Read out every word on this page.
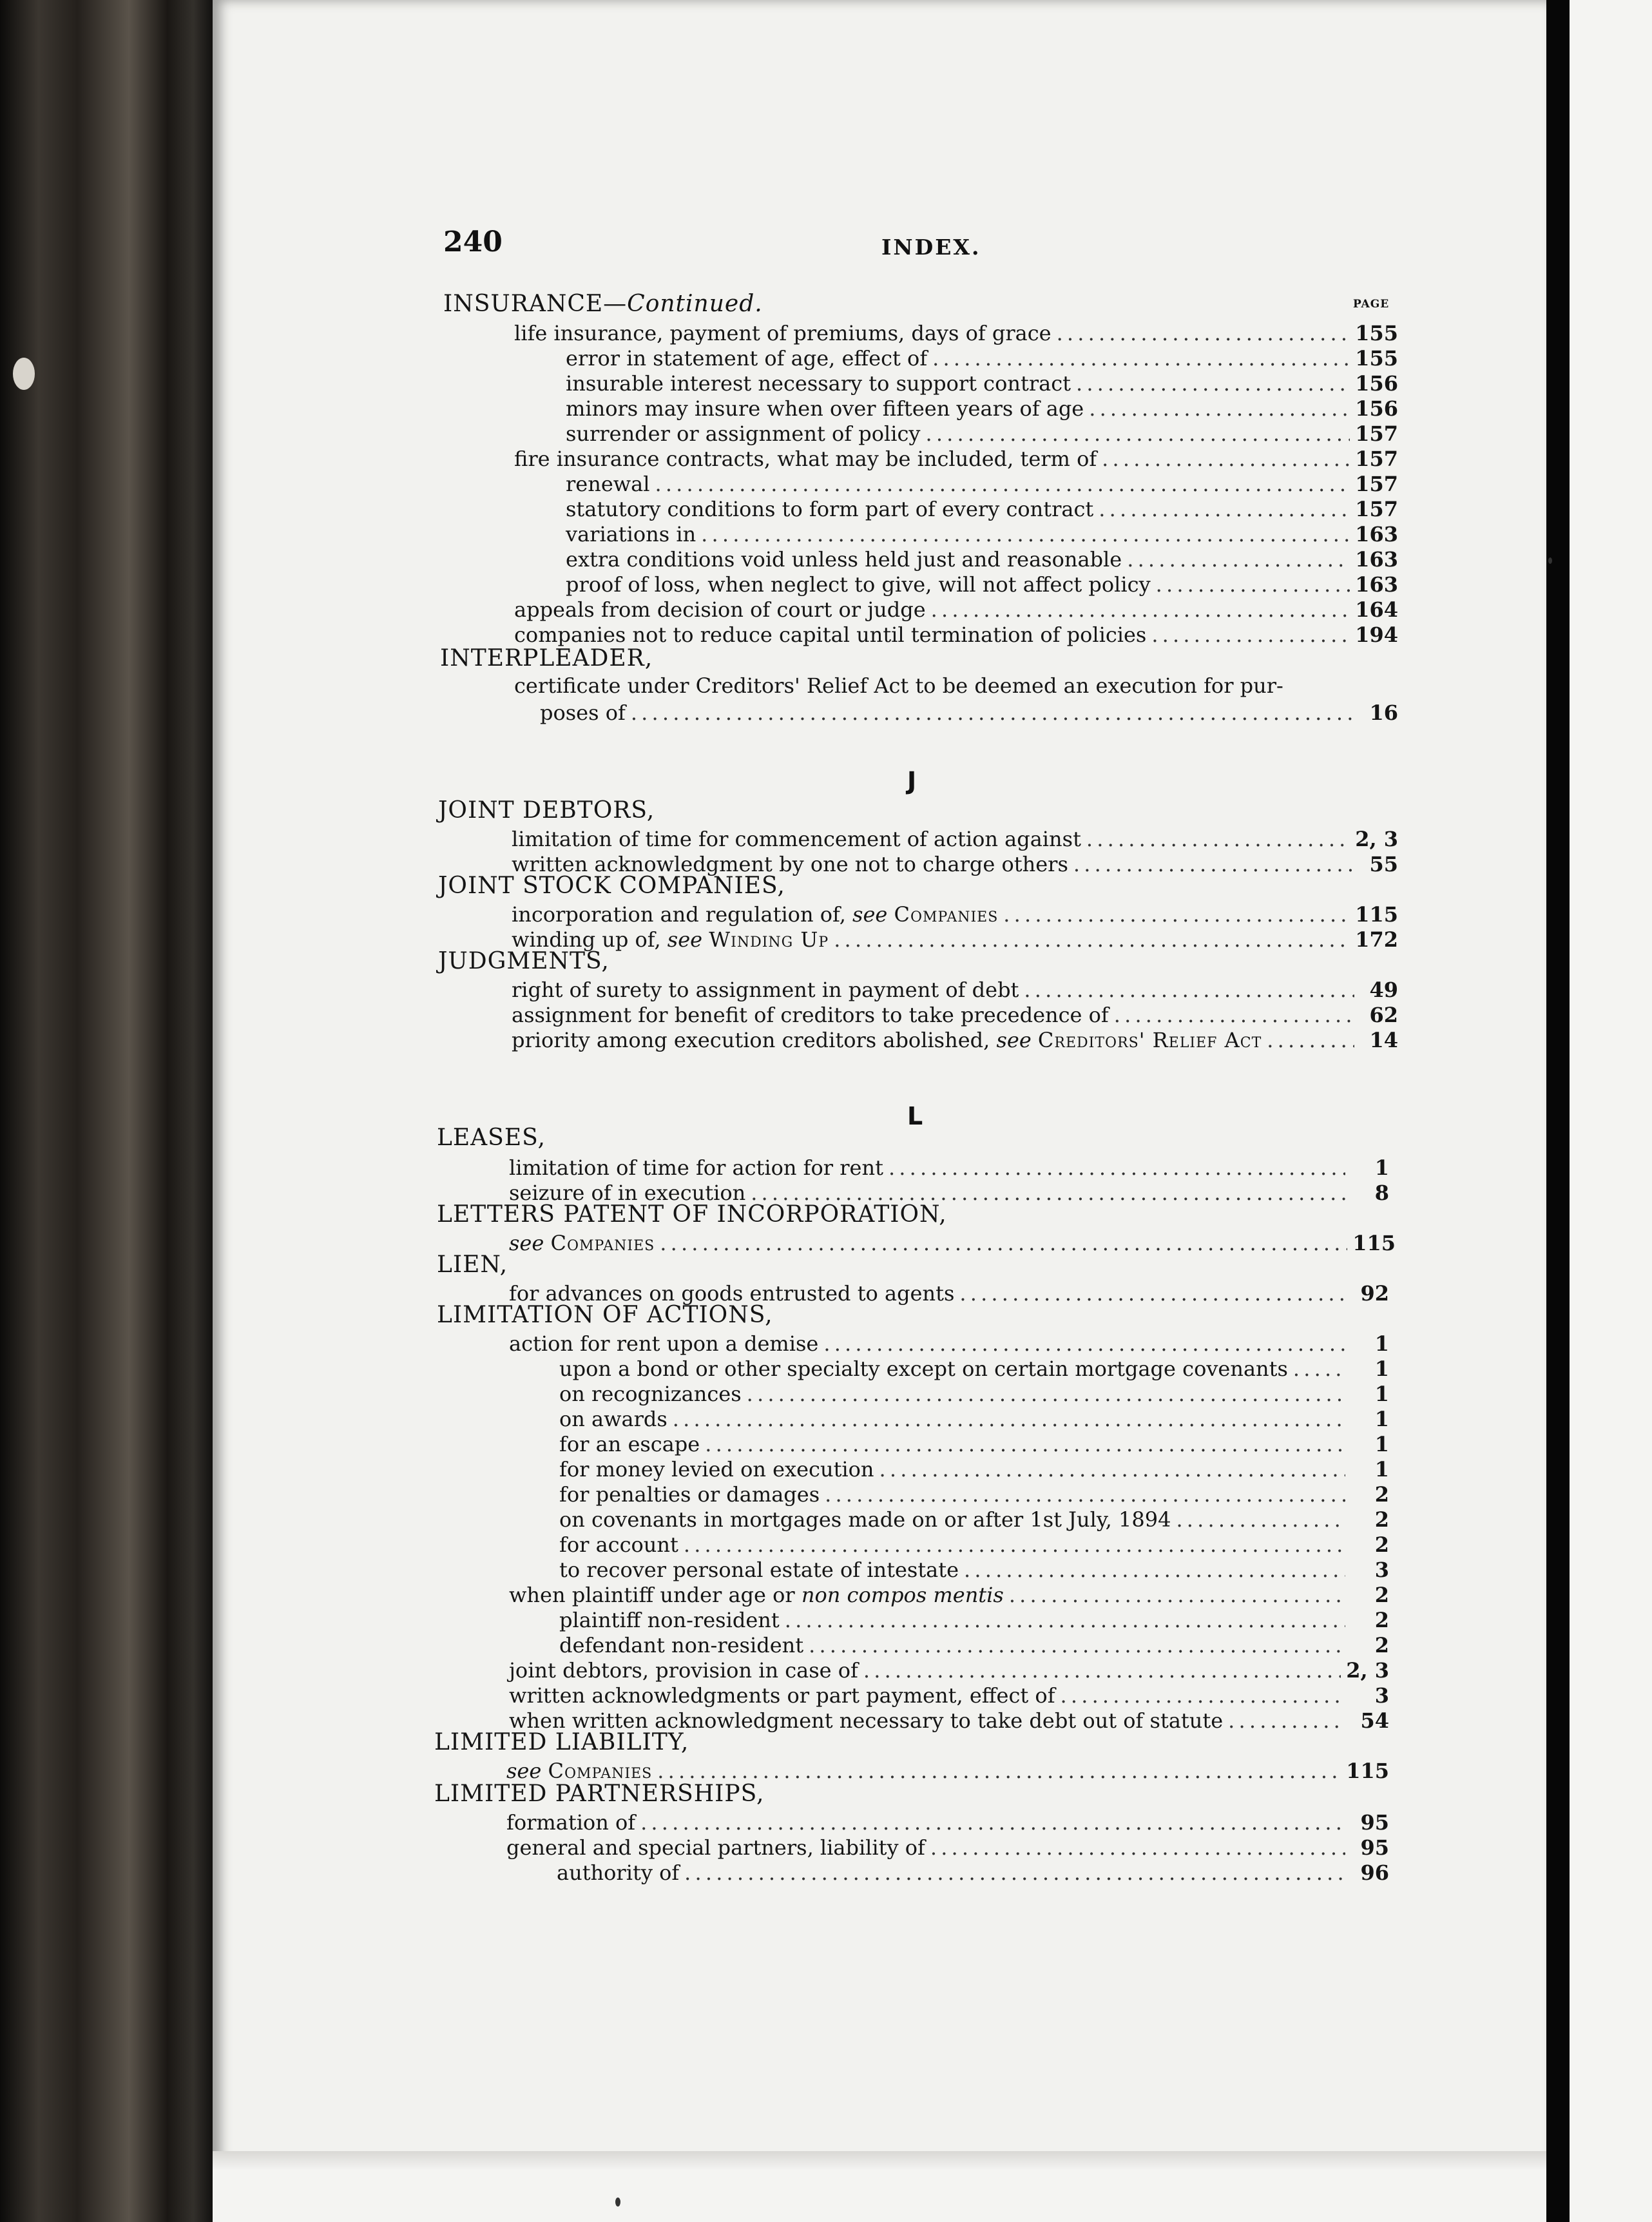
240	INDEX.
PAGE
INSURANCE— Continued.
life insurance, payment of premiums, days of grace . . .	155
error in statement of age, effect of . . .	155
insurable interest necessary to support contract . . .	156
minors may insure when over fifteen years of age . . .	156
surrender or assignment of policy . . .	157
fire insurance contracts, what may be included, term of . . .	157
renewal . . .	157
statutory conditions to form part of every contract . . .	157
variations in . . .	163
extra conditions void unless held just and reasonable . . .	163
proof of loss, when neglect to give, will not affect policy . . .	163
appeals from decision of court or judge . . .	164
companies not to reduce capital until termination of policies . . .	194
INTERPLEADER,
certificate under Creditors' Relief Act to be deemed an execution for pur-
poses of . . .	16
J
JOINT DEBTORS,
limitation of time for commencement of action against . . .	2, 3
written acknowledgment by one not to charge others . . .	55
JOINT STOCK COMPANIES,
incorporation and regulation of, see Companies . . .	115
winding up of, see Winding Up . . .	172
JUDGMENTS,
right of surety to assignment in payment of debt . . .	49
assignment for benefit of creditors to take precedence of . . .	62
priority among execution creditors abolished, see Creditors' Relief Act . . .	14
L
LEASES,
limitation of time for action for rent . . .	1
seizure of in execution . . .	8
LETTERS PATENT OF INCORPORATION,
see Companies . . .	115
LIEN,
for advances on goods entrusted to agents . . .	92
LIMITATION OF ACTIONS,
action for rent upon a demise . . .	1
upon a bond or other specialty except on certain mortgage covenants . . .	1
on recognizances . . .	1
on awards . . .	1
for an escape . . .	1
for money levied on execution . . .	1
for penalties or damages . . .	2
on covenants in mortgages made on or after 1st July, 1894 . . .	2
for account . . .	2
to recover personal estate of intestate . . .	3
when plaintiff under age or non compos mentis . . .	2
plaintiff non-resident . . .	2
defendant non-resident . . .	2
joint debtors, provision in case of . . .	2, 3
written acknowledgments or part payment, effect of . . .	3
when written acknowledgment necessary to take debt out of statute . . .	54
LIMITED LIABILITY,
see Companies . . .	115
LIMITED PARTNERSHIPS,
formation of . . .	95
general and special partners, liability of . . .	95
authority of . . .	96
